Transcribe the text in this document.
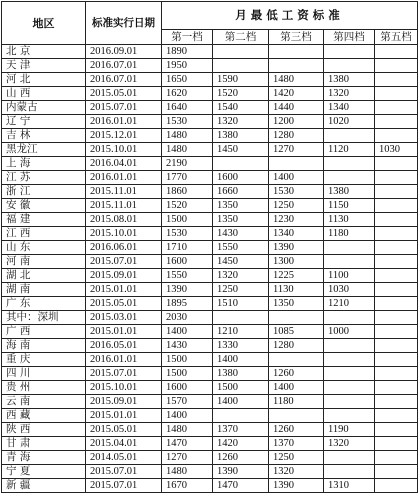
地区	标准实行日期	月最低工资标准				
		第一档	第二档	第三档	第四档	第五档
北 京	2016.09.01	1890				
天 津	2016.07.01	1950				
河 北	2016.07.01	1650	1590	1480	1380	
山 西	2015.05.01	1620	1520	1420	1320	
内蒙古	2015.07.01	1640	1540	1440	1340	
辽 宁	2016.01.01	1530	1320	1200	1020	
吉 林	2015.12.01	1480	1380	1280		
黑龙江	2015.10.01	1480	1450	1270	1120	1030
上 海	2016.04.01	2190				
江 苏	2016.01.01	1770	1600	1400		
浙 江	2015.11.01	1860	1660	1530	1380	
安 徽	2015.11.01	1520	1350	1250	1150	
福 建	2015.08.01	1500	1350	1230	1130	
江 西	2015.10.01	1530	1430	1340	1180	
山 东	2016.06.01	1710	1550	1390		
河 南	2015.07.01	1600	1450	1300		
湖 北	2015.09.01	1550	1320	1225	1100	
湖 南	2015.01.01	1390	1250	1130	1030	
广 东	2015.05.01	1895	1510	1350	1210	
其中：深圳	2015.03.01	2030				
广 西	2015.01.01	1400	1210	1085	1000	
海 南	2016.05.01	1430	1330	1280		
重 庆	2016.01.01	1500	1400			
四 川	2015.07.01	1500	1380	1260		
贵 州	2015.10.01	1600	1500	1400		
云 南	2015.09.01	1570	1400	1180		
西 藏	2015.01.01	1400				
陕 西	2015.05.01	1480	1370	1260	1190	
甘 肃	2015.04.01	1470	1420	1370	1320	
青 海	2014.05.01	1270	1260	1250		
宁 夏	2015.07.01	1480	1390	1320		
新 疆	2015.07.01	1670	1470	1390	1310	
